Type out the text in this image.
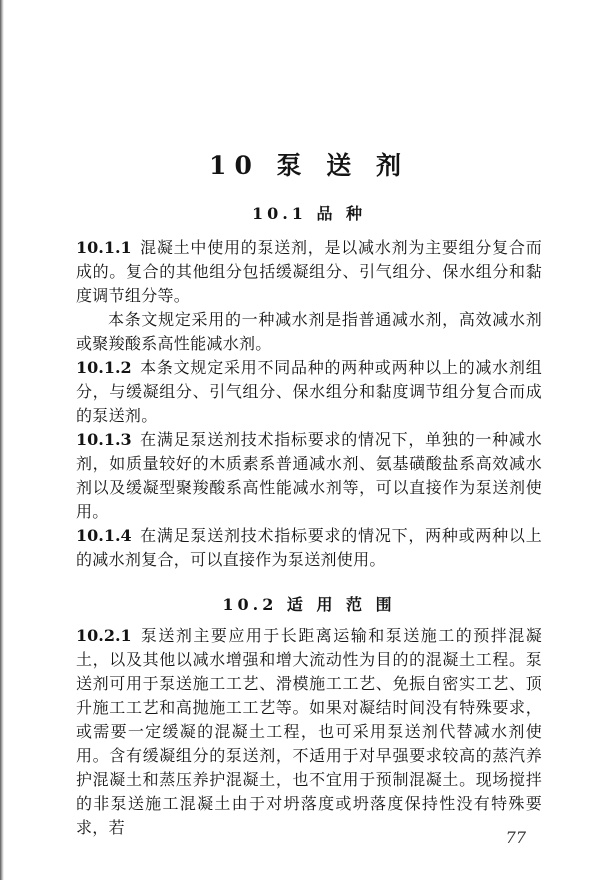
10 泵 送 剂
10.1 品 种

10.1.1 混凝土中使用的泵送剂，是以减水剂为主要组分复合而成的。复合的其他组分包括缓凝组分、引气组分、保水组分和黏度调节组分等。

本条文规定采用的一种减水剂是指普通减水剂，高效减水剂或聚羧酸系高性能减水剂。

10.1.2 本条文规定采用不同品种的两种或两种以上的减水剂组分，与缓凝组分、引气组分、保水组分和黏度调节组分复合而成的泵送剂。

10.1.3 在满足泵送剂技术指标要求的情况下，单独的一种减水剂，如质量较好的木质素系普通减水剂、氨基磺酸盐系高效减水剂以及缓凝型聚羧酸系高性能减水剂等，可以直接作为泵送剂使用。

10.1.4 在满足泵送剂技术指标要求的情况下，两种或两种以上的减水剂复合，可以直接作为泵送剂使用。

10.2 适 用 范 围

10.2.1 泵送剂主要应用于长距离运输和泵送施工的预拌混凝土，以及其他以减水增强和增大流动性为目的的混凝土工程。泵送剂可用于泵送施工工艺、滑模施工工艺、免振自密实工艺、顶升施工工艺和高抛施工工艺等。如果对凝结时间没有特殊要求，或需要一定缓凝的混凝土工程，也可采用泵送剂代替减水剂使用。含有缓凝组分的泵送剂，不适用于对早强要求较高的蒸汽养护混凝土和蒸压养护混凝土，也不宜用于预制混凝土。现场搅拌的非泵送施工混凝土由于对坍落度或坍落度保持性没有特殊要求，若

77
